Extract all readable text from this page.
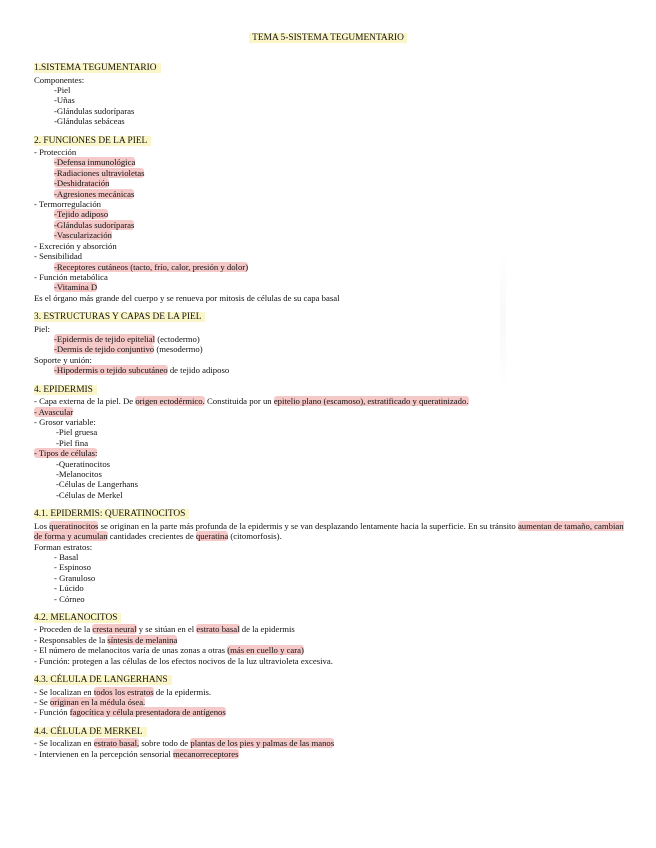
TEMA 5-SISTEMA TEGUMENTARIO
1.SISTEMA TEGUMENTARIO
Componentes:
-Piel
-Uñas
-Glándulas sudoríparas
-Glándulas sebáceas
2. FUNCIONES DE LA PIEL
- Protección
-Defensa inmunológica
-Radiaciones ultravioletas
-Deshidratación
-Agresiones mecánicas
- Termorregulación
-Tejido adiposo
-Glándulas sudoríparas
-Vascularización
- Excreción y absorción
- Sensibilidad
-Receptores cutáneos (tacto, frío, calor, presión y dolor)
- Función metabólica
-Vitamina D
Es el órgano más grande del cuerpo y se renueva por mitosis de células de su capa basal
3. ESTRUCTURAS Y CAPAS DE LA PIEL
Piel:
-Epidermis de tejido epitelial (ectodermo)
-Dermis de tejido conjuntivo (mesodermo)
Soporte y unión:
-Hipodermis o tejido subcutáneo de tejido adiposo
4. EPIDERMIS
- Capa externa de la piel. De origen ectodérmico. Constituida por un epitelio plano (escamoso), estratificado y queratinizado.
- Avascular
- Grosor variable:
-Piel gruesa
-Piel fina
- Tipos de células:
-Queratinocitos
-Melanocitos
-Células de Langerhans
-Células de Merkel
4.1. EPIDERMIS: QUERATINOCITOS
Los queratinocitos se originan en la parte más profunda de la epidermis y se van desplazando lentamente hacia la superficie. En su tránsito aumentan de tamaño, cambian de forma y acumulan cantidades crecientes de queratina (citomorfosis).
Forman estratos:
- Basal
- Espinoso
- Granuloso
- Lúcido
- Córneo
4.2. MELANOCITOS
- Proceden de la cresta neural y se sitúan en el estrato basal de la epidermis
- Responsables de la síntesis de melanina
- El número de melanocitos varía de unas zonas a otras (más en cuello y cara)
- Función: protegen a las células de los efectos nocivos de la luz ultravioleta excesiva.
4.3. CÉLULA DE LANGERHANS
- Se localizan en todos los estratos de la epidermis.
- Se originan en la médula ósea.
- Función fagocítica y célula presentadora de antígenos
4.4. CÉLULA DE MERKEL
- Se localizan en estrato basal, sobre todo de plantas de los pies y palmas de las manos
- Intervienen en la percepción sensorial mecanorreceptores
